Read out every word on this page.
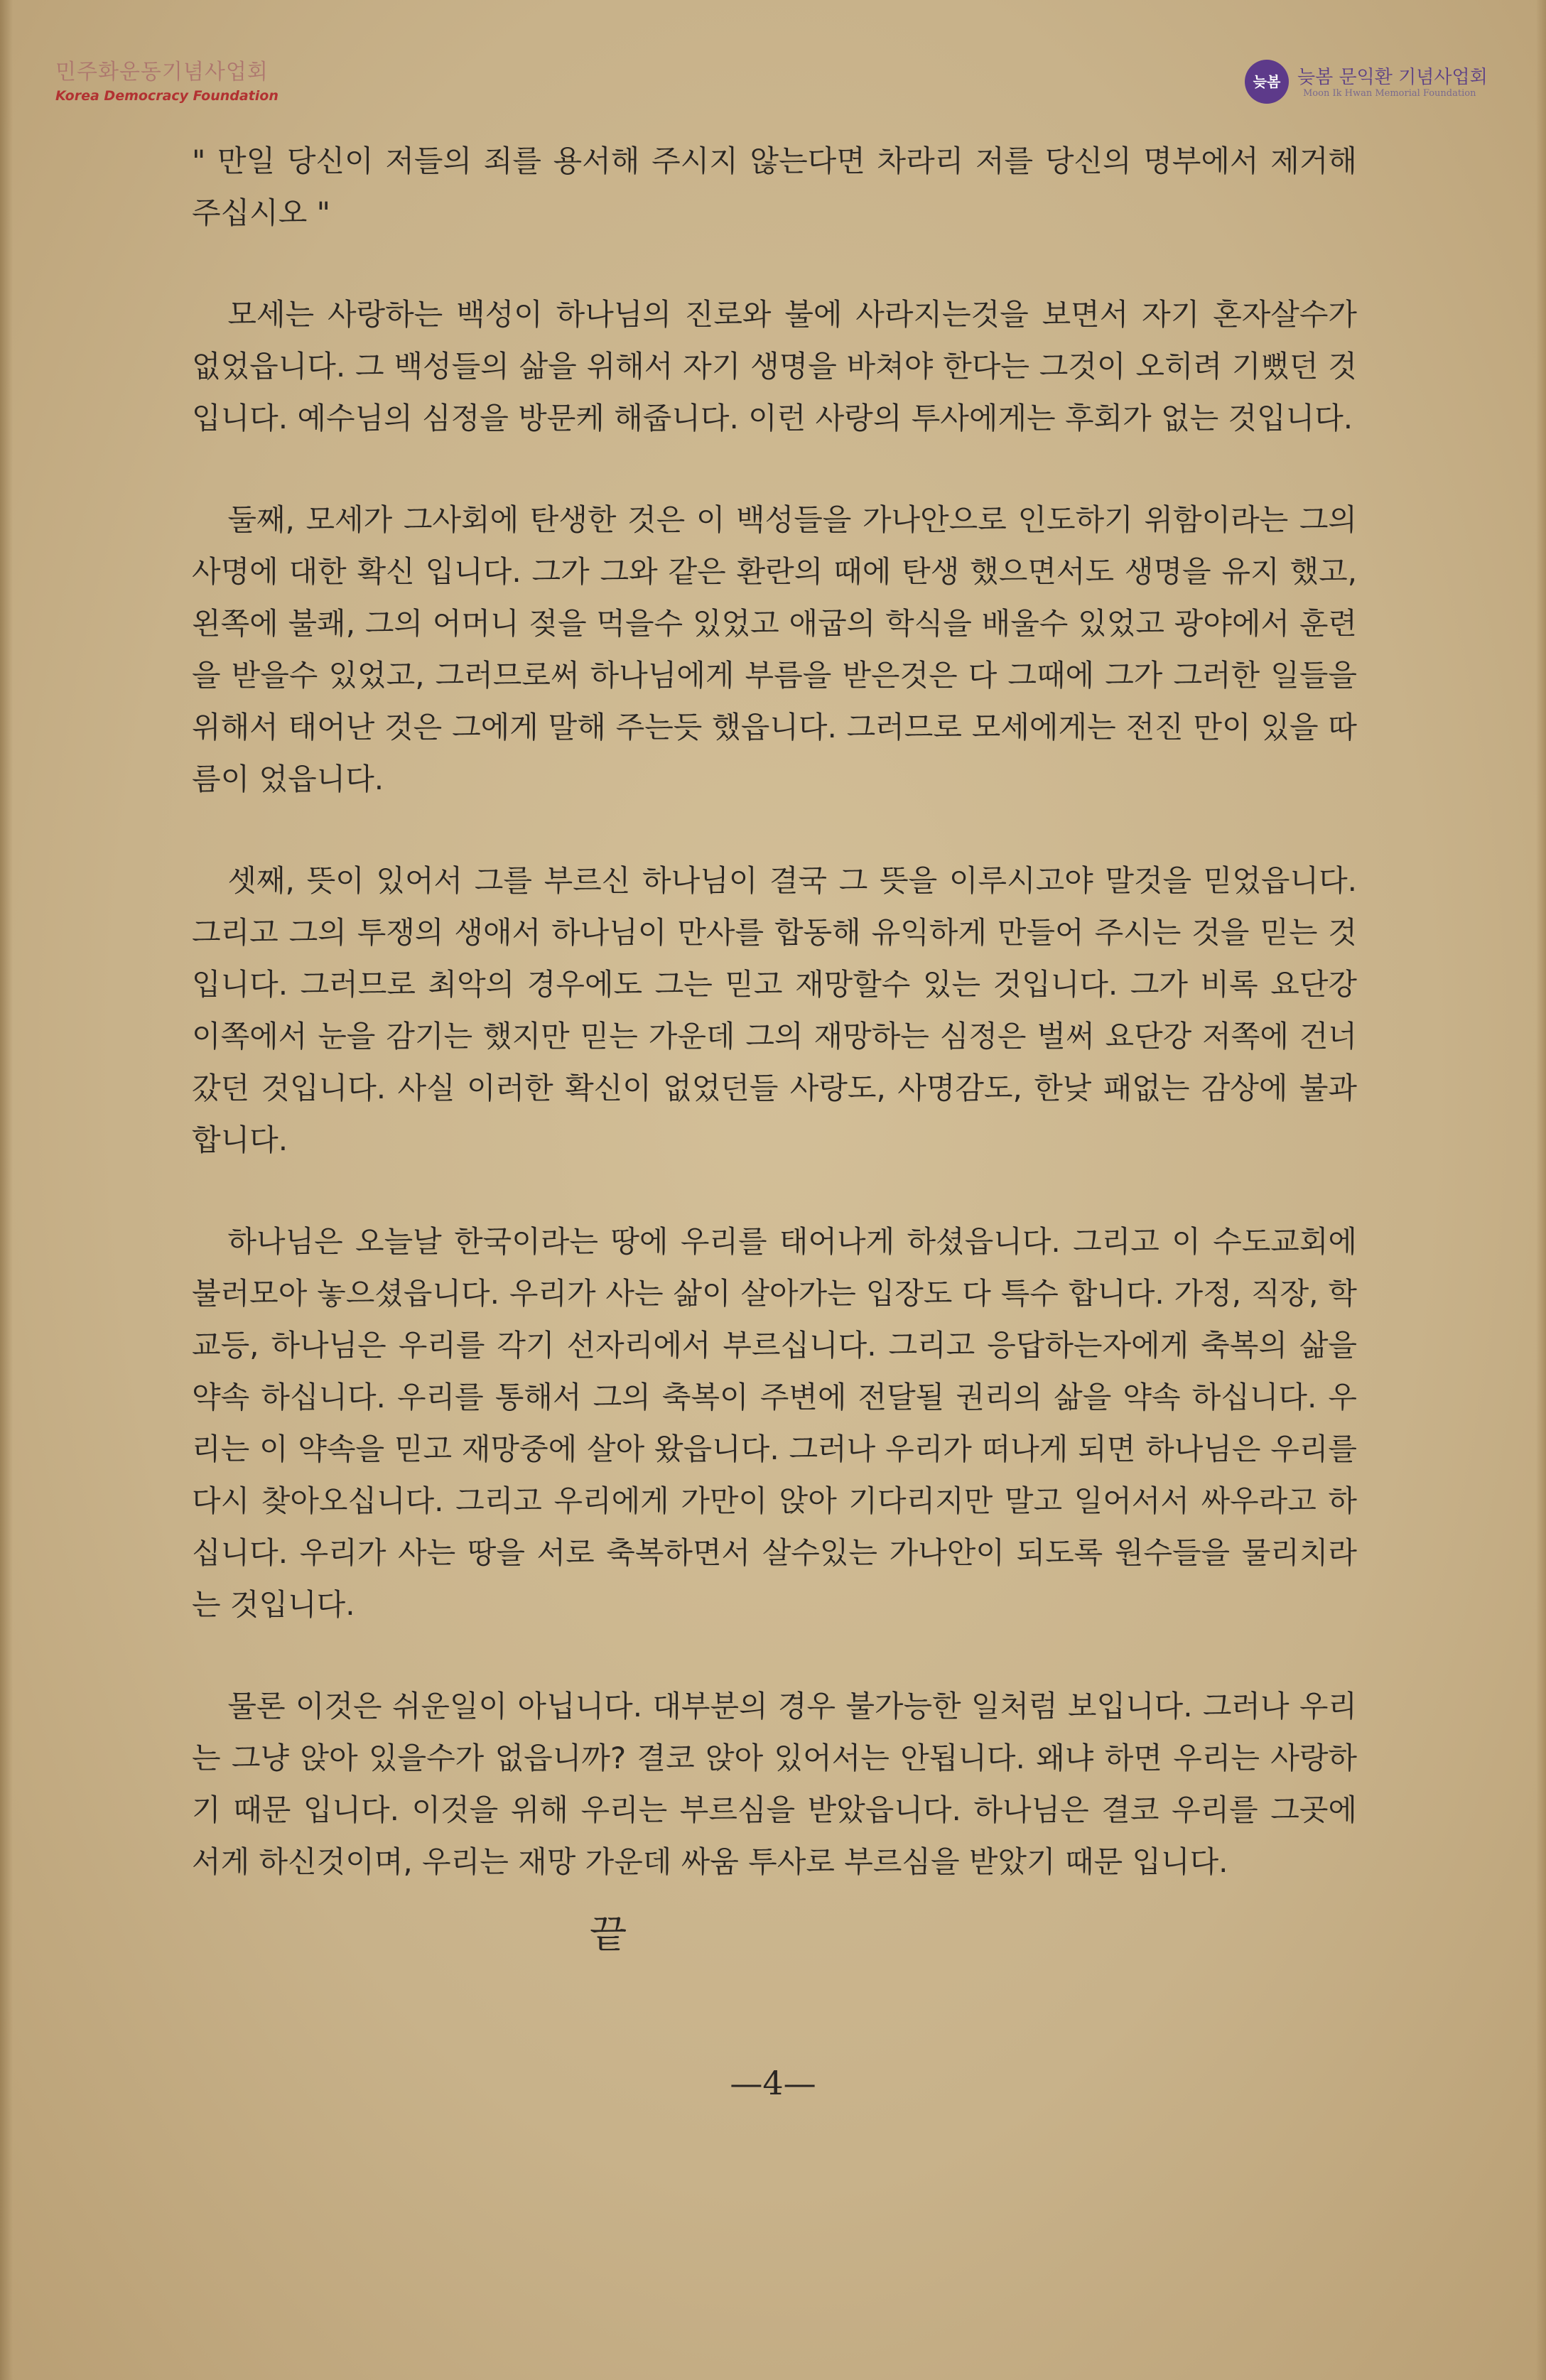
민주화운동기념사업회
Korea Democracy Foundation
늦봄 늦봄 문익환 기념사업회
Moon Ik Hwan Memorial Foundation

" 만일 당신이 저들의 죄를 용서해 주시지 않는다면 차라리 저를 당신의 명부에서 제거해 주십시오 "

모세는 사랑하는 백성이 하나님의 진로와 불에 사라지는것을 보면서 자기 혼자살수가 없었읍니다. 그 백성들의 삶을 위해서 자기 생명을 바쳐야 한다는 그것이 오히려 기뻤던 것입니다. 예수님의 심정을 방문케 해줍니다. 이런 사랑의 투사에게는 후회가 없는 것입니다.

둘째, 모세가 그사회에 탄생한 것은 이 백성들을 가나안으로 인도하기 위함이라는 그의 사명에 대한 확신 입니다. 그가 그와 같은 환란의 때에 탄생 했으면서도 생명을 유지 했고, 왼쪽에 불쾌, 그의 어머니 젖을 먹을수 있었고 애굽의 학식을 배울수 있었고 광야에서 훈련을 받을수 있었고, 그러므로써 하나님에게 부름을 받은것은 다 그때에 그가 그러한 일들을 위해서 태어난 것은 그에게 말해 주는듯 했읍니다. 그러므로 모세에게는 전진 만이 있을 따름이 었읍니다.

셋째, 뜻이 있어서 그를 부르신 하나님이 결국 그 뜻을 이루시고야 말것을 믿었읍니다. 그리고 그의 투쟁의 생애서 하나님이 만사를 합동해 유익하게 만들어 주시는 것을 믿는 것입니다. 그러므로 최악의 경우에도 그는 믿고 재망할수 있는 것입니다. 그가 비록 요단강 이쪽에서 눈을 감기는 했지만 믿는 가운데 그의 재망하는 심정은 벌써 요단강 저쪽에 건너갔던 것입니다. 사실 이러한 확신이 없었던들 사랑도, 사명감도, 한낮 패없는 감상에 불과합니다.

하나님은 오늘날 한국이라는 땅에 우리를 태어나게 하셨읍니다. 그리고 이 수도교회에 불러모아 놓으셨읍니다. 우리가 사는 삶이 살아가는 입장도 다 특수 합니다. 가정, 직장, 학교등, 하나님은 우리를 각기 선자리에서 부르십니다. 그리고 응답하는자에게 축복의 삶을 약속 하십니다. 우리를 통해서 그의 축복이 주변에 전달될 권리의 삶을 약속 하십니다. 우리는 이 약속을 믿고 재망중에 살아 왔읍니다. 그러나 우리가 떠나게 되면 하나님은 우리를 다시 찾아오십니다. 그리고 우리에게 가만이 앉아 기다리지만 말고 일어서서 싸우라고 하십니다. 우리가 사는 땅을 서로 축복하면서 살수있는 가나안이 되도록 원수들을 물리치라는 것입니다.

물론 이것은 쉬운일이 아닙니다. 대부분의 경우 불가능한 일처럼 보입니다. 그러나 우리는 그냥 앉아 있을수가 없읍니까? 결코 앉아 있어서는 안됩니다. 왜냐 하면 우리는 사랑하기 때문 입니다. 이것을 위해 우리는 부르심을 받았읍니다. 하나님은 결코 우리를 그곳에 서게 하신것이며, 우리는 재망 가운데 싸움 투사로 부르심을 받았기 때문 입니다.

끝
—4—
